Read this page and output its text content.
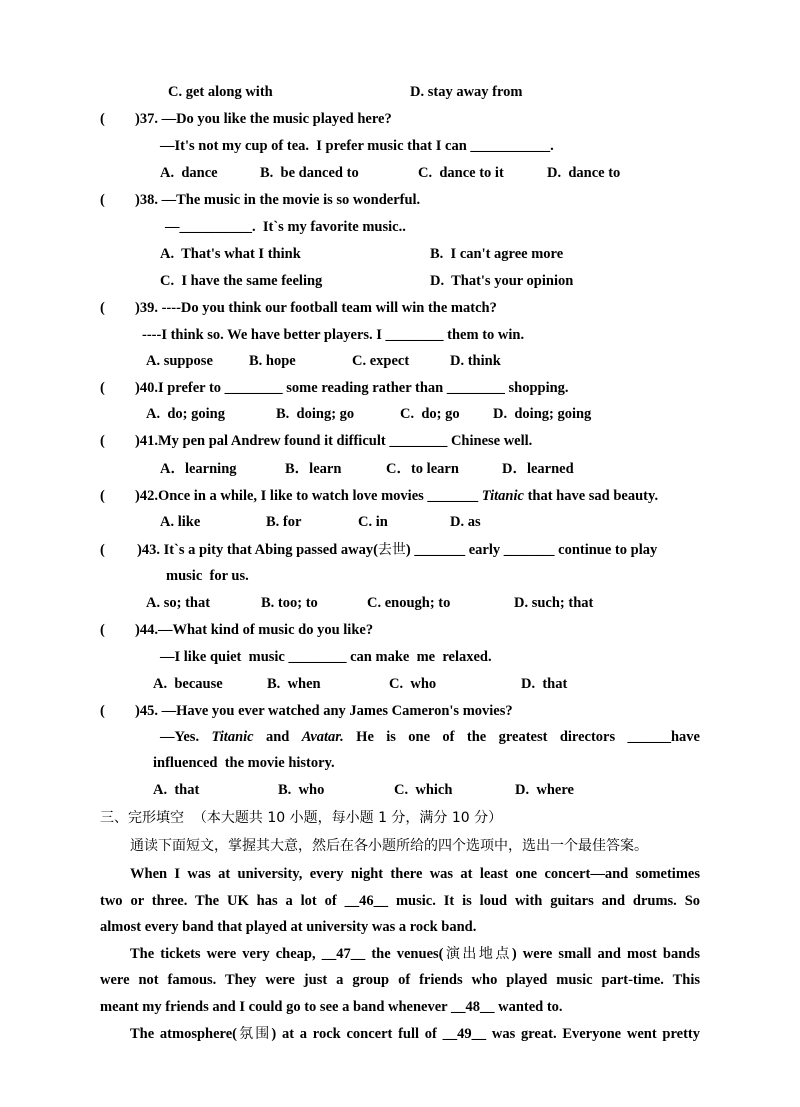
C. get along with	D. stay away from
( )37. —Do you like the music played here?
—It's not my cup of tea.  I prefer music that I can ___________.
A.  dance	B.  be danced to	C.  dance to it	D.  dance to
( )38. —The music in the movie is so wonderful.
—__________.  It`s my favorite music..
A.  That's what I think	B.  I can't agree more
C.  I have the same feeling	D.  That's your opinion
( )39. ----Do you think our football team will win the match?
----I think so. We have better players. I ________ them to win.
A. suppose B. hope	C. expect	D. think
( )40.I prefer to ________ some reading rather than ________ shopping.
A.  do; going	B.  doing; go	C.  do; go D.  doing; going
( )41.My pen pal Andrew found it difficult ________ Chinese well.
A．learning	B．learn	C．to learn	D．learned
( )42.Once in a while, I like to watch love movies _______ Titanic that have sad beauty.
A. like	B. for	C. in	D. as
( )43. It`s a pity that Abing passed away(去世) _______ early _______ continue to play
music  for us.
A. so; that	B. too; to	C. enough; to	D. such; that
( )44.—What kind of music do you like?
—I like quiet  music ________ can make  me  relaxed.
A.  because	B.  when	C.  who	D.  that
( )45. —Have you ever watched any James Cameron's movies?
—Yes. Titanic and Avatar. He is one of the greatest directors ______have
influenced  the movie history.
A.  that	B.  who	C.  which	D.  where
三、完形填空  （本大题共 10 小题，每小题 1 分，满分 10 分）
通读下面短文，掌握其大意，然后在各小题所给的四个选项中，选出一个最佳答案。
When I was at university, every night there was at least one concert—and sometimes
two or three. The UK has a lot of __46__ music. It is loud with guitars and drums. So
almost every band that played at university was a rock band.
The tickets were very cheap, __47__ the venues(演出地点) were small and most bands
were not famous. They were just a group of friends who played music part-time. This
meant my friends and I could go to see a band whenever __48__ wanted to.
The atmosphere(氛围) at a rock concert full of __49__ was great. Everyone went pretty
